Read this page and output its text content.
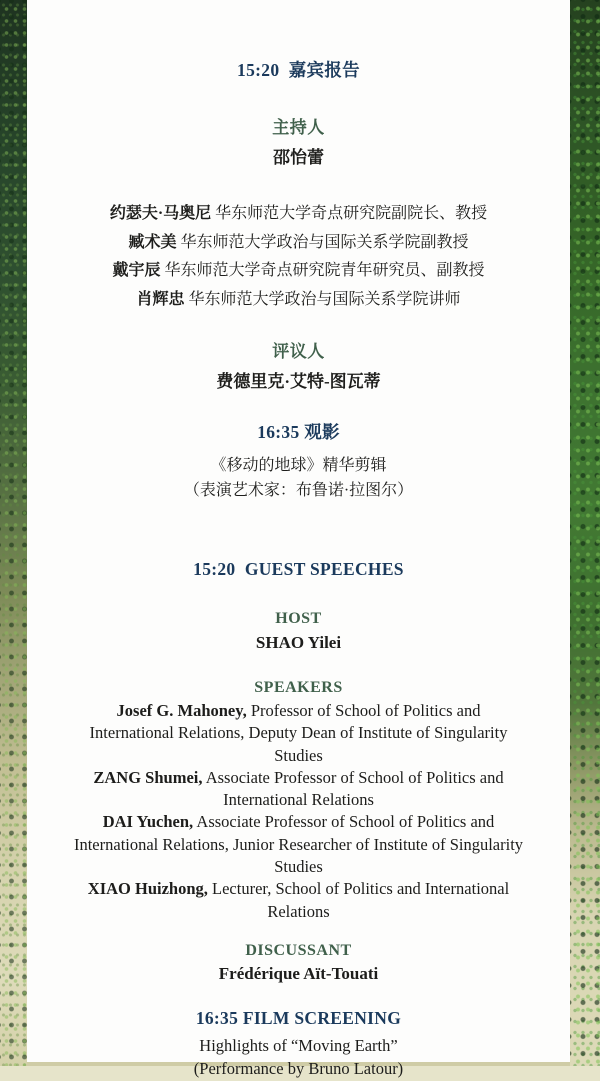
15:20  嘉宾报告
主持人
邵怡蕾
约瑟夫·马奥尼 华东师范大学奇点研究院副院长、教授
臧术美 华东师范大学政治与国际关系学院副教授
戴宇辰 华东师范大学奇点研究院青年研究员、副教授
肖辉忠 华东师范大学政治与国际关系学院讲师
评议人
费德里克·艾特-图瓦蒂
16:35 观影
《移动的地球》精华剪辑
（表演艺术家：布鲁诺·拉图尔）
15:20  GUEST SPEECHES
HOST
SHAO Yilei
SPEAKERS
Josef G. Mahoney, Professor of School of Politics and International Relations, Deputy Dean of Institute of Singularity Studies
ZANG Shumei, Associate Professor of School of Politics and International Relations
DAI Yuchen, Associate Professor of School of Politics and International Relations, Junior Researcher of Institute of Singularity Studies
XIAO Huizhong, Lecturer, School of Politics and International Relations
DISCUSSANT
Frédérique Aït-Touati
16:35 FILM SCREENING
Highlights of “Moving Earth”
(Performance by Bruno Latour)
